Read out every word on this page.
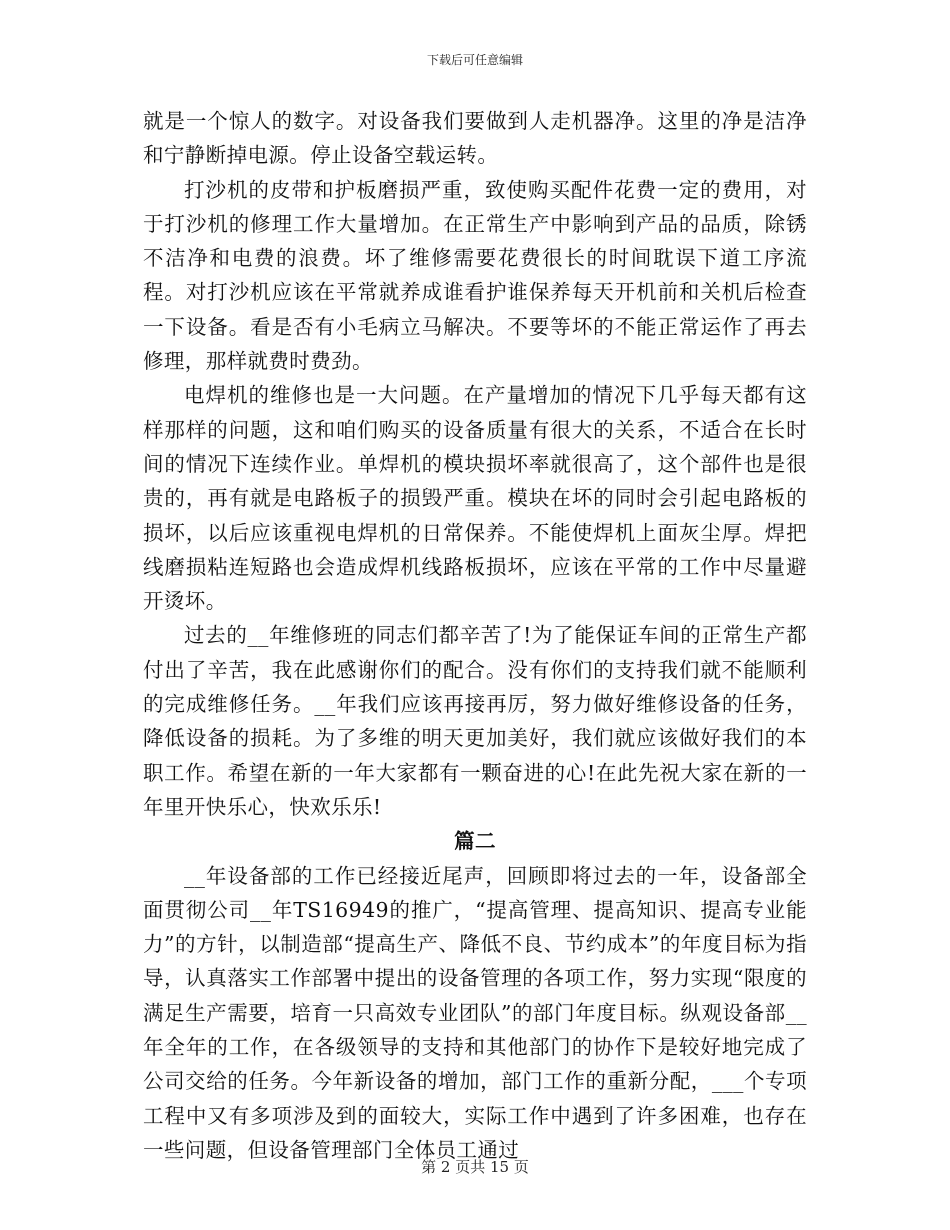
下载后可任意编辑

就是一个惊人的数字。对设备我们要做到人走机器净。这里的净是洁净和宁静断掉电源。停止设备空载运转。

打沙机的皮带和护板磨损严重，致使购买配件花费一定的费用，对于打沙机的修理工作大量增加。在正常生产中影响到产品的品质，除锈不洁净和电费的浪费。坏了维修需要花费很长的时间耽误下道工序流程。对打沙机应该在平常就养成谁看护谁保养每天开机前和关机后检查一下设备。看是否有小毛病立马解决。不要等坏的不能正常运作了再去修理，那样就费时费劲。

电焊机的维修也是一大问题。在产量增加的情况下几乎每天都有这样那样的问题，这和咱们购买的设备质量有很大的关系，不适合在长时间的情况下连续作业。单焊机的模块损坏率就很高了，这个部件也是很贵的，再有就是电路板子的损毁严重。模块在坏的同时会引起电路板的损坏，以后应该重视电焊机的日常保养。不能使焊机上面灰尘厚。焊把线磨损粘连短路也会造成焊机线路板损坏，应该在平常的工作中尽量避开烫坏。

过去的__年维修班的同志们都辛苦了!为了能保证车间的正常生产都付出了辛苦，我在此感谢你们的配合。没有你们的支持我们就不能顺利的完成维修任务。__年我们应该再接再厉，努力做好维修设备的任务，降低设备的损耗。为了多维的明天更加美好，我们就应该做好我们的本职工作。希望在新的一年大家都有一颗奋进的心!在此先祝大家在新的一年里开快乐心，快欢乐乐!

篇二

__年设备部的工作已经接近尾声，回顾即将过去的一年，设备部全面贯彻公司__年TS16949的推广，“提高管理、提高知识、提高专业能力”的方针，以制造部“提高生产、降低不良、节约成本”的年度目标为指导，认真落实工作部署中提出的设备管理的各项工作，努力实现“限度的满足生产需要，培育一只高效专业团队”的部门年度目标。纵观设备部__年全年的工作，在各级领导的支持和其他部门的协作下是较好地完成了公司交给的任务。今年新设备的增加，部门工作的重新分配，___个专项工程中又有多项涉及到的面较大，实际工作中遇到了许多困难，也存在一些问题，但设备管理部门全体员工通过

第 2 页共 15 页
